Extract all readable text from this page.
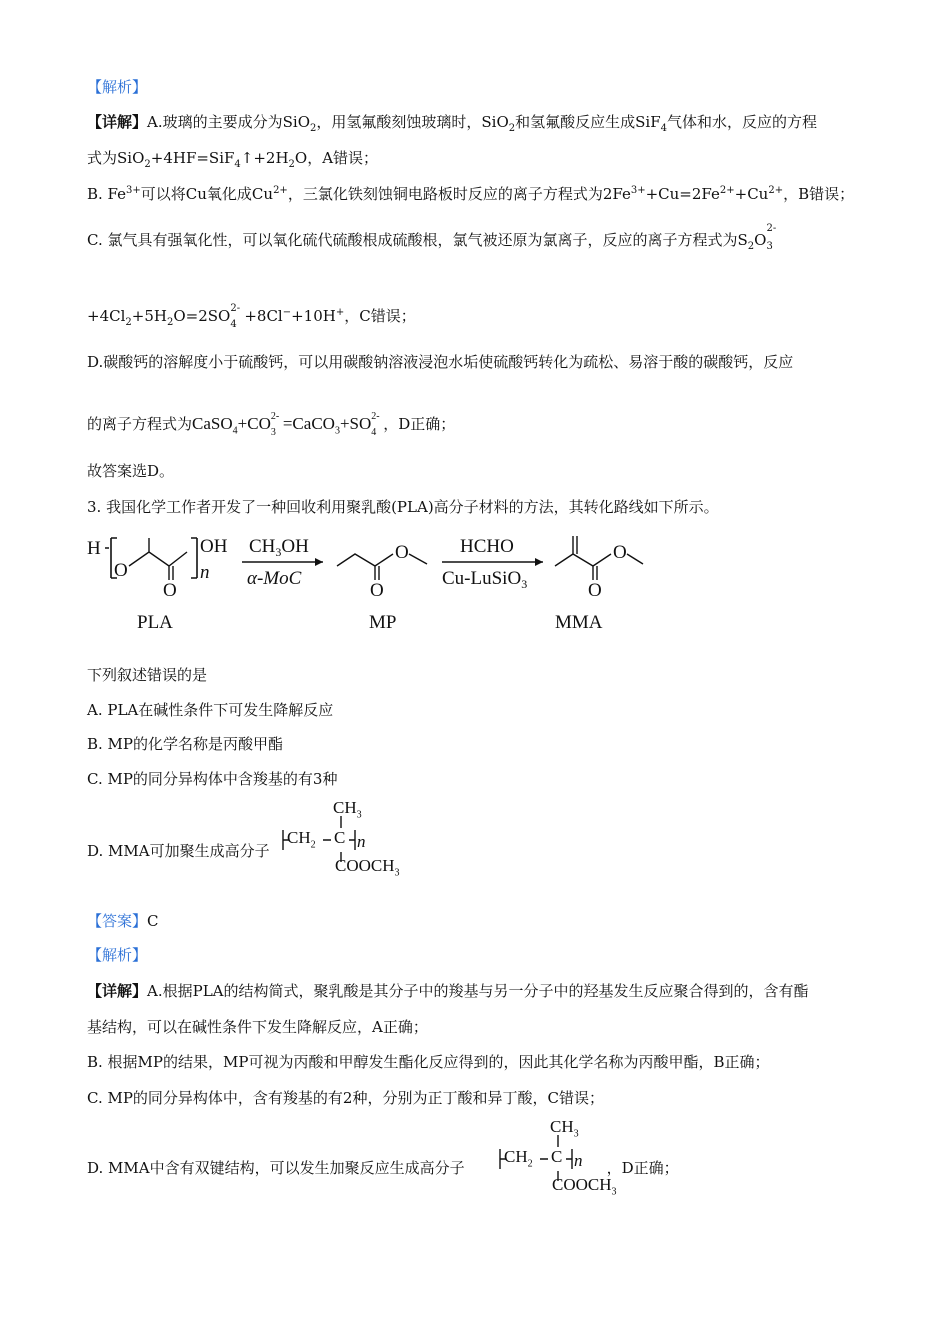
【解析】
【详解】A.玻璃的主要成分为SiO$_2$，用氢氟酸刻蚀玻璃时，SiO$_2$和氢氟酸反应生成SiF$_4$气体和水，反应的方程
式为$SiO_2+4HF=SiF_4↑+2H_2O$，A错误；
B. $Fe^{3+}$可以将Cu氧化成$Cu^{2+}$，三氯化铁刻蚀铜电路板时反应的离子方程式为$2Fe^{3+}+Cu=2Fe^{2+}+Cu^{2+}$，B错误；
C. 氯气具有强氧化性，可以氧化硫代硫酸根成硫酸根，氯气被还原为氯离子，反应的离子方程式为$S_2O$
2-
3
$+4Cl_2+5H_2O=2SO$ 2-
4 +8Cl−+10H+，C错误；
D.碳酸钙的溶解度小于硫酸钙，可以用碳酸钠溶液浸泡水垢使硫酸钙转化为疏松、易溶于酸的碳酸钙，反应
的离子方程式为CaSO$_4$+CO 2-
3 =CaCO$_3$+SO 2-
4 ，D正确；
故答案选D。
3. 我国化学工作者开发了一种回收利用聚乳酸(PLA)高分子材料的方法，其转化路线如下所示。
H
O
O
OH
n
PLA
$CH_3OH$
α-MoC
O
O
MP
HCHO
Cu-LuSiO$_3$
O
O
MMA
下列叙述错误的是
A. PLA在碱性条件下可发生降解反应
B. MP的化学名称是丙酸甲酯
C. MP的同分异构体中含羧基的有3种
D. MMA可加聚生成高分子
$CH_3$
$CH_2$ C n
$COOCH_3$
【答案】C
【解析】
【详解】A.根据PLA的结构简式，聚乳酸是其分子中的羧基与另一分子中的羟基发生反应聚合得到的，含有酯
基结构，可以在碱性条件下发生降解反应，A正确；
B. 根据MP的结果，MP可视为丙酸和甲醇发生酯化反应得到的，因此其化学名称为丙酸甲酯，B正确；
C. MP的同分异构体中，含有羧基的有2种，分别为正丁酸和异丁酸，C错误；
D. MMA中含有双键结构，可以发生加聚反应生成高分子	，D正确；
$CH_3$
$CH_2$ C n
$COOCH_3$
